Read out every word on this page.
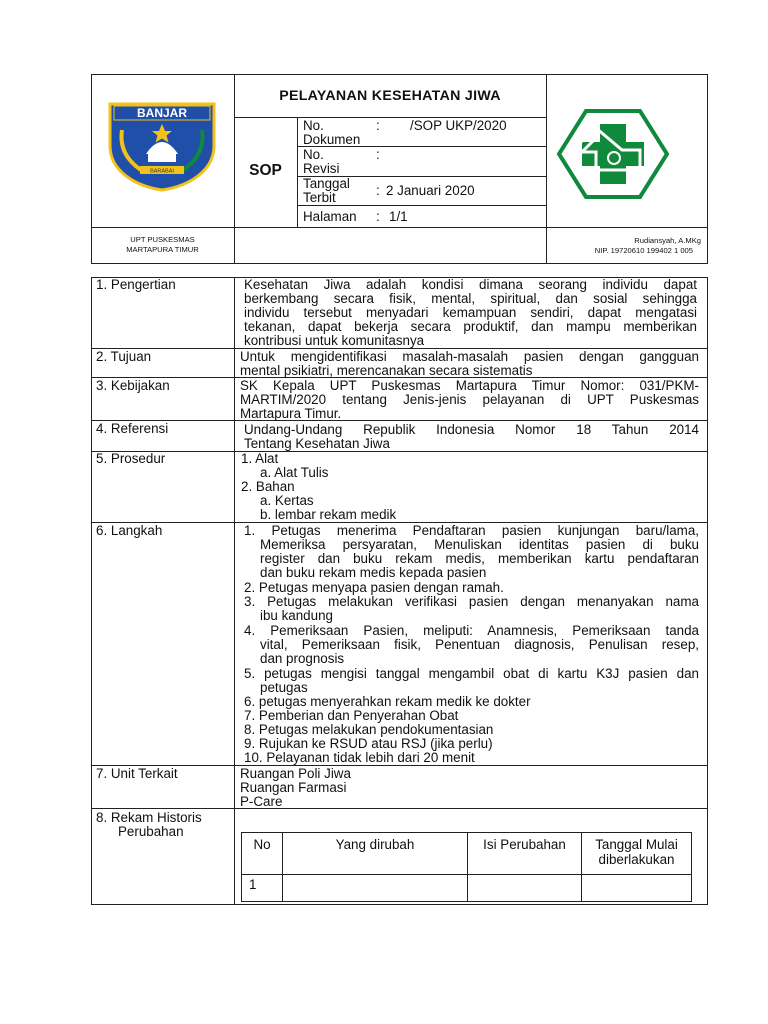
BANJAR
BARABAI
PELAYANAN KESEHATAN JIWA
SOP
No.
Dokumen
: /SOP UKP/2020
No.
Revisi
:
Tanggal
Terbit	: 2 Januari 2020
Halaman : 1/1
UPT PUSKESMAS
MARTAPURA TIMUR
Rudiansyah, A.MKg
NIP. 19720610 199402 1 005
1. Pengertian	Kesehatan Jiwa adalah kondisi dimana seorang individu dapat
berkembang secara fisik, mental, spiritual, dan sosial sehingga
individu tersebut menyadari kemampuan sendiri, dapat mengatasi
tekanan, dapat bekerja secara produktif, dan mampu memberikan
kontribusi untuk komunitasnya
2. Tujuan	Untuk mengidentifikasi masalah-masalah pasien dengan gangguan
mental psikiatri, merencanakan secara sistematis
3. Kebijakan	SK Kepala UPT Puskesmas Martapura Timur Nomor: 031/PKM-
MARTIM/2020 tentang Jenis-jenis pelayanan di UPT Puskesmas
Martapura Timur.
4. Referensi	Undang-Undang Republik Indonesia Nomor 18 Tahun 2014
Tentang Kesehatan Jiwa
5. Prosedur	1. Alat
a. Alat Tulis
2. Bahan
a. Kertas
b. lembar rekam medik
6. Langkah	1. Petugas menerima Pendaftaran pasien kunjungan baru/lama,
Memeriksa persyaratan, Menuliskan identitas pasien di buku
register dan buku rekam medis, memberikan kartu pendaftaran
dan buku rekam medis kepada pasien
2. Petugas menyapa pasien dengan ramah.
3. Petugas melakukan verifikasi pasien dengan menanyakan nama
ibu kandung
4. Pemeriksaan Pasien, meliputi: Anamnesis, Pemeriksaan tanda
vital, Pemeriksaan fisik, Penentuan diagnosis, Penulisan resep,
dan prognosis
5. petugas mengisi tanggal mengambil obat di kartu K3J pasien dan
petugas
6. petugas menyerahkan rekam medik ke dokter
7. Pemberian dan Penyerahan Obat
8. Petugas melakukan pendokumentasian
9. Rujukan ke RSUD atau RSJ (jika perlu)
10. Pelayanan tidak lebih dari 20 menit
7. Unit Terkait	Ruangan Poli Jiwa
Ruangan Farmasi
P-Care
8. Rekam Historis
Perubahan
No	Yang dirubah	Isi Perubahan	Tanggal Mulai
diberlakukan

1			
